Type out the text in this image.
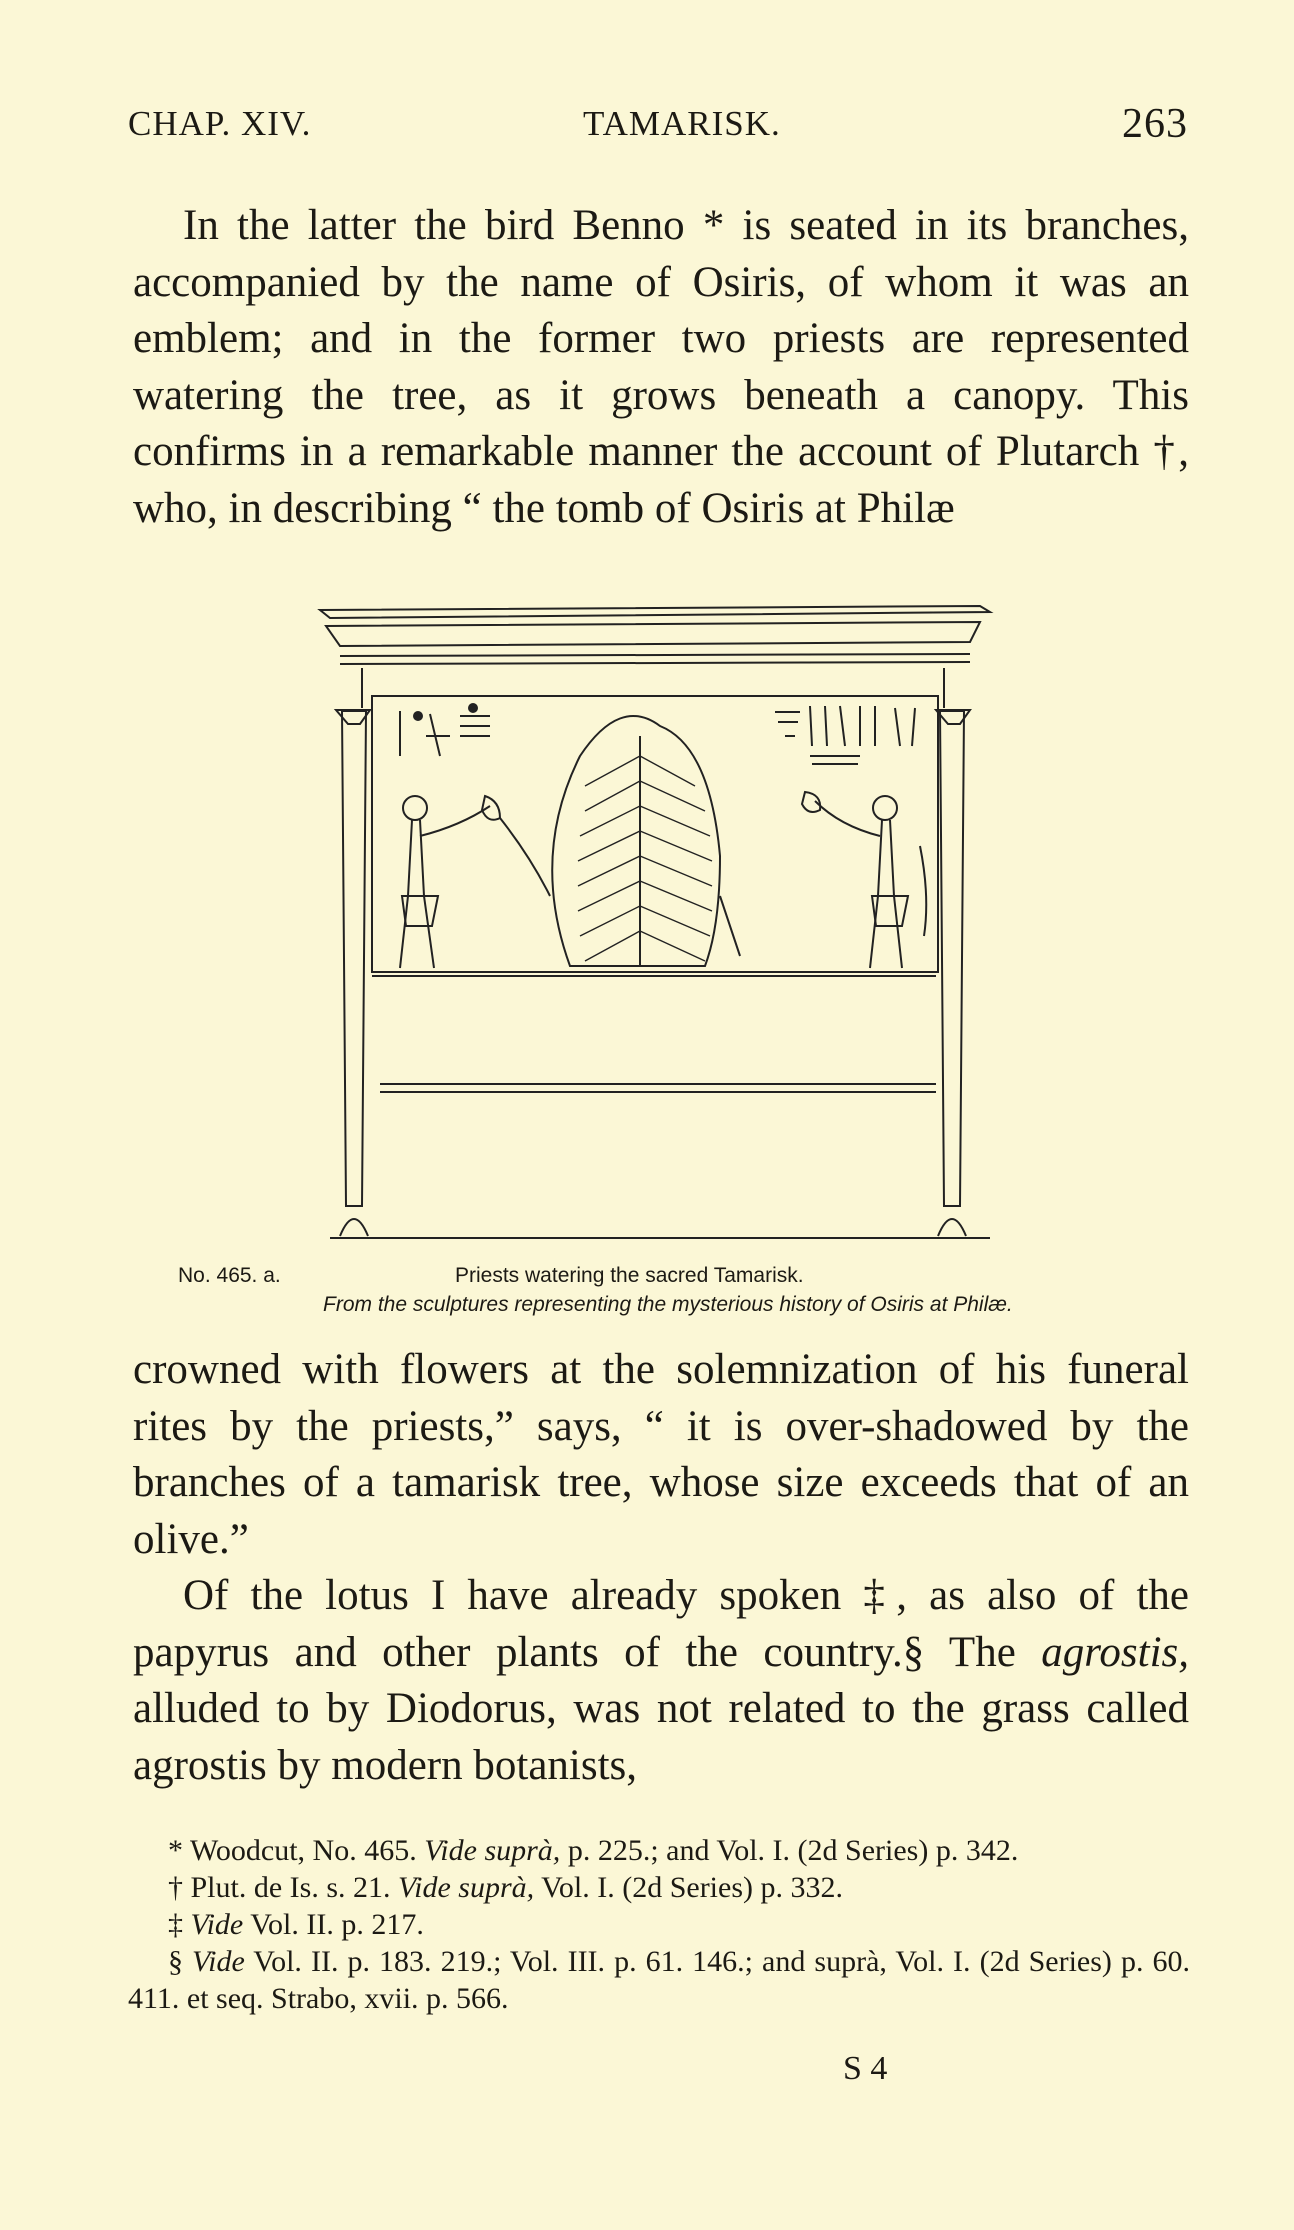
CHAP. XIV.	TAMARISK.	263

In the latter the bird Benno * is seated in its branches, accompanied by the name of Osiris, of whom it was an emblem; and in the former two priests are represented watering the tree, as it grows beneath a canopy. This confirms in a remarkable manner the account of Plutarch †, who, in describing “ the tomb of Osiris at Philæ

No. 465. a.	Priests watering the sacred Tamarisk.
From the sculptures representing the mysterious history of Osiris at Philæ.

crowned with flowers at the solemnization of his funeral rites by the priests,” says, “ it is over-shadowed by the branches of a tamarisk tree, whose size exceeds that of an olive.”

Of the lotus I have already spoken ‡, as also of the papyrus and other plants of the country.§ The agrostis, alluded to by Diodorus, was not related to the grass called agrostis by modern botanists,

* Woodcut, No. 465. Vide suprà, p. 225.; and Vol. I. (2d Series) p. 342.

† Plut. de Is. s. 21. Vide suprà, Vol. I. (2d Series) p. 332.

‡ Vide Vol. II. p. 217.

§ Vide Vol. II. p. 183. 219.; Vol. III. p. 61. 146.; and suprà, Vol. I. (2d Series) p. 60. 411. et seq. Strabo, xvii. p. 566.

S 4
